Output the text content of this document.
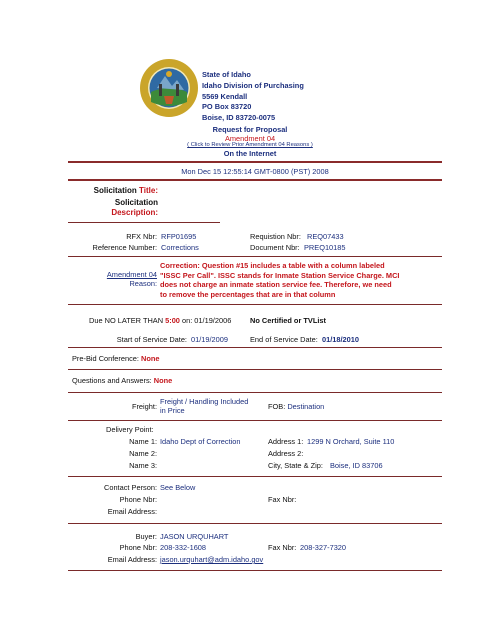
State of Idaho
Idaho Division of Purchasing
5569 Kendall
PO Box 83720
Boise, ID 83720-0075
Request for Proposal
Amendment 04
( Click to Review Prior Amendment 04 Reasons )
On the Internet
Mon Dec 15 12:55:14 GMT-0800 (PST) 2008
Solicitation Title:
Solicitation
Description:
RFX Nbr: RFP01695	Requistion Nbr: REQ07433
Reference Number: Corrections	Document Nbr: PREQ10185
Amendment 04
Reason:
Correction: Question #15 includes a table with a column labeled "ISSC Per Call". ISSC stands for Inmate Station Service Charge. MCI does not charge an inmate station service fee. Therefore, we need to remove the percentages that are in that column
Due NO LATER THAN 5:00 on: 01/19/2006	No Certified or TVList
Start of Service Date: 01/19/2009	End of Service Date: 01/18/2010
Pre-Bid Conference: None
Questions and Answers: None
Freight:
Freight / Handling Included
in Price	FOB: Destination
Delivery Point:
Name 1: Idaho Dept of Correction	Address 1: 1299 N Orchard, Suite 110
Name 2:	Address 2:
Name 3:	City, State & Zip: Boise, ID 83706
Contact Person: See Below
Phone Nbr:	Fax Nbr:
Email Address:
Buyer: JASON URQUHART
Phone Nbr: 208-332-1608	Fax Nbr: 208-327-7320
Email Address: jason.urquhart@adm.idaho.gov
